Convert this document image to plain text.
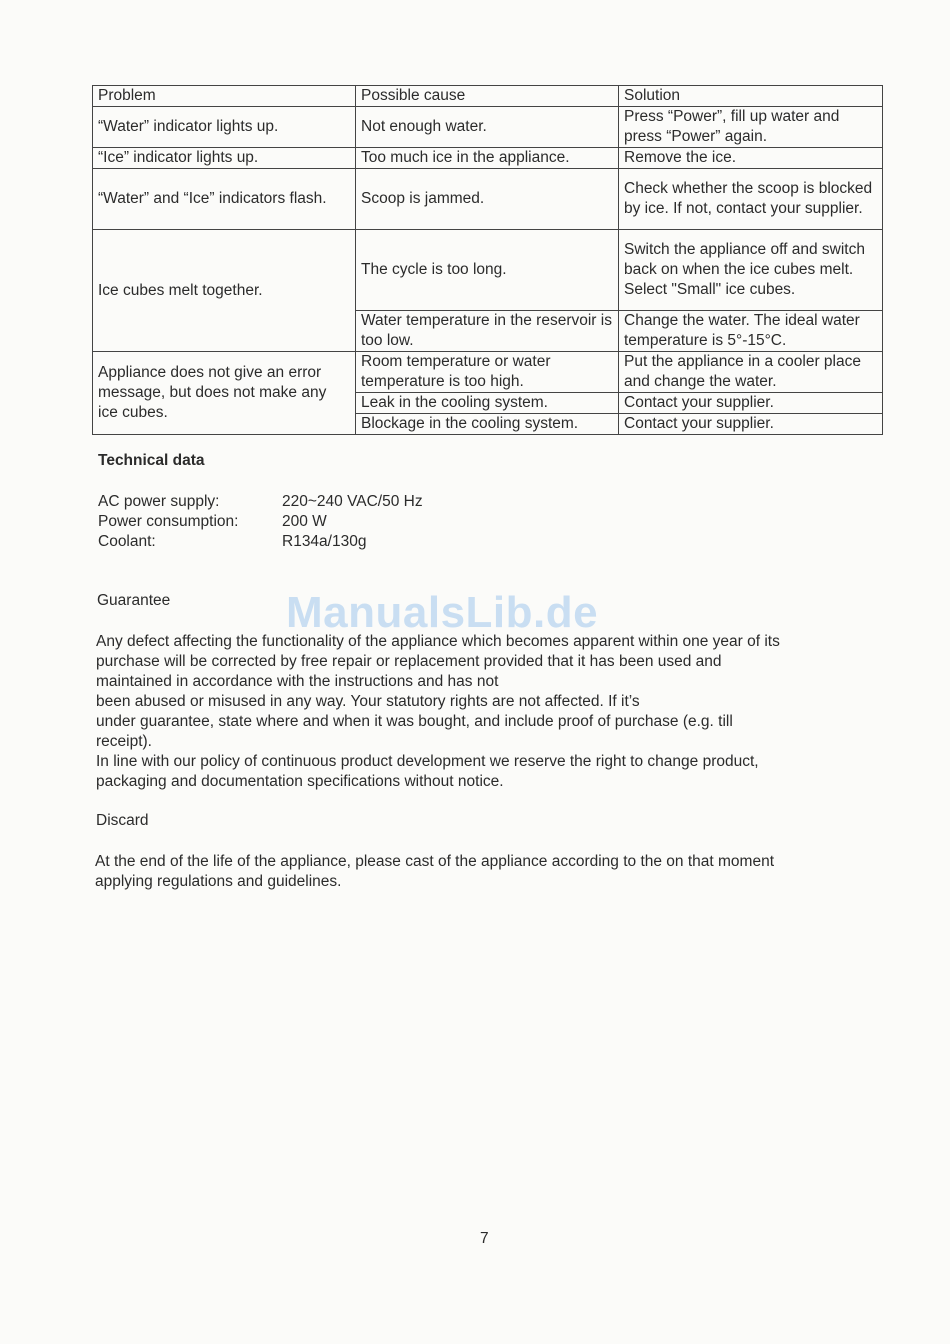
Problem	Possible cause	Solution
“Water” indicator lights up.	Not enough water.	Press “Power”, fill up water and press “Power” again.
“Ice” indicator lights up.	Too much ice in the appliance.	Remove the ice.
“Water” and “Ice” indicators flash.	Scoop is jammed.	Check whether the scoop is blocked by ice. If not, contact your supplier.
Ice cubes melt together.	The cycle is too long.	Switch the appliance off and switch back on when the ice cubes melt. Select "Small" ice cubes.
	Water temperature in the reservoir is too low.	Change the water. The ideal water temperature is 5°-15°C.
Appliance does not give an error message, but does not make any ice cubes.	Room temperature or water temperature is too high.	Put the appliance in a cooler place and change the water.
	Leak in the cooling system.	Contact your supplier.
	Blockage in the cooling system.	Contact your supplier.
Technical data
AC power supply:	220~240 VAC/50 Hz
Power consumption:	200 W
Coolant:	R134a/130g
Guarantee	ManualsLib.de
Any defect affecting the functionality of the appliance which becomes apparent within one year of its
purchase will be corrected by free repair or replacement provided that it has been used and
maintained in accordance with the instructions and has not
been abused or misused in any way. Your statutory rights are not affected. If it’s
under guarantee, state where and when it was bought, and include proof of purchase (e.g. till
receipt).
In line with our policy of continuous product development we reserve the right to change product,
packaging and documentation specifications without notice.
Discard
At the end of the life of the appliance, please cast of the appliance according to the on that moment
applying regulations and guidelines.
7
